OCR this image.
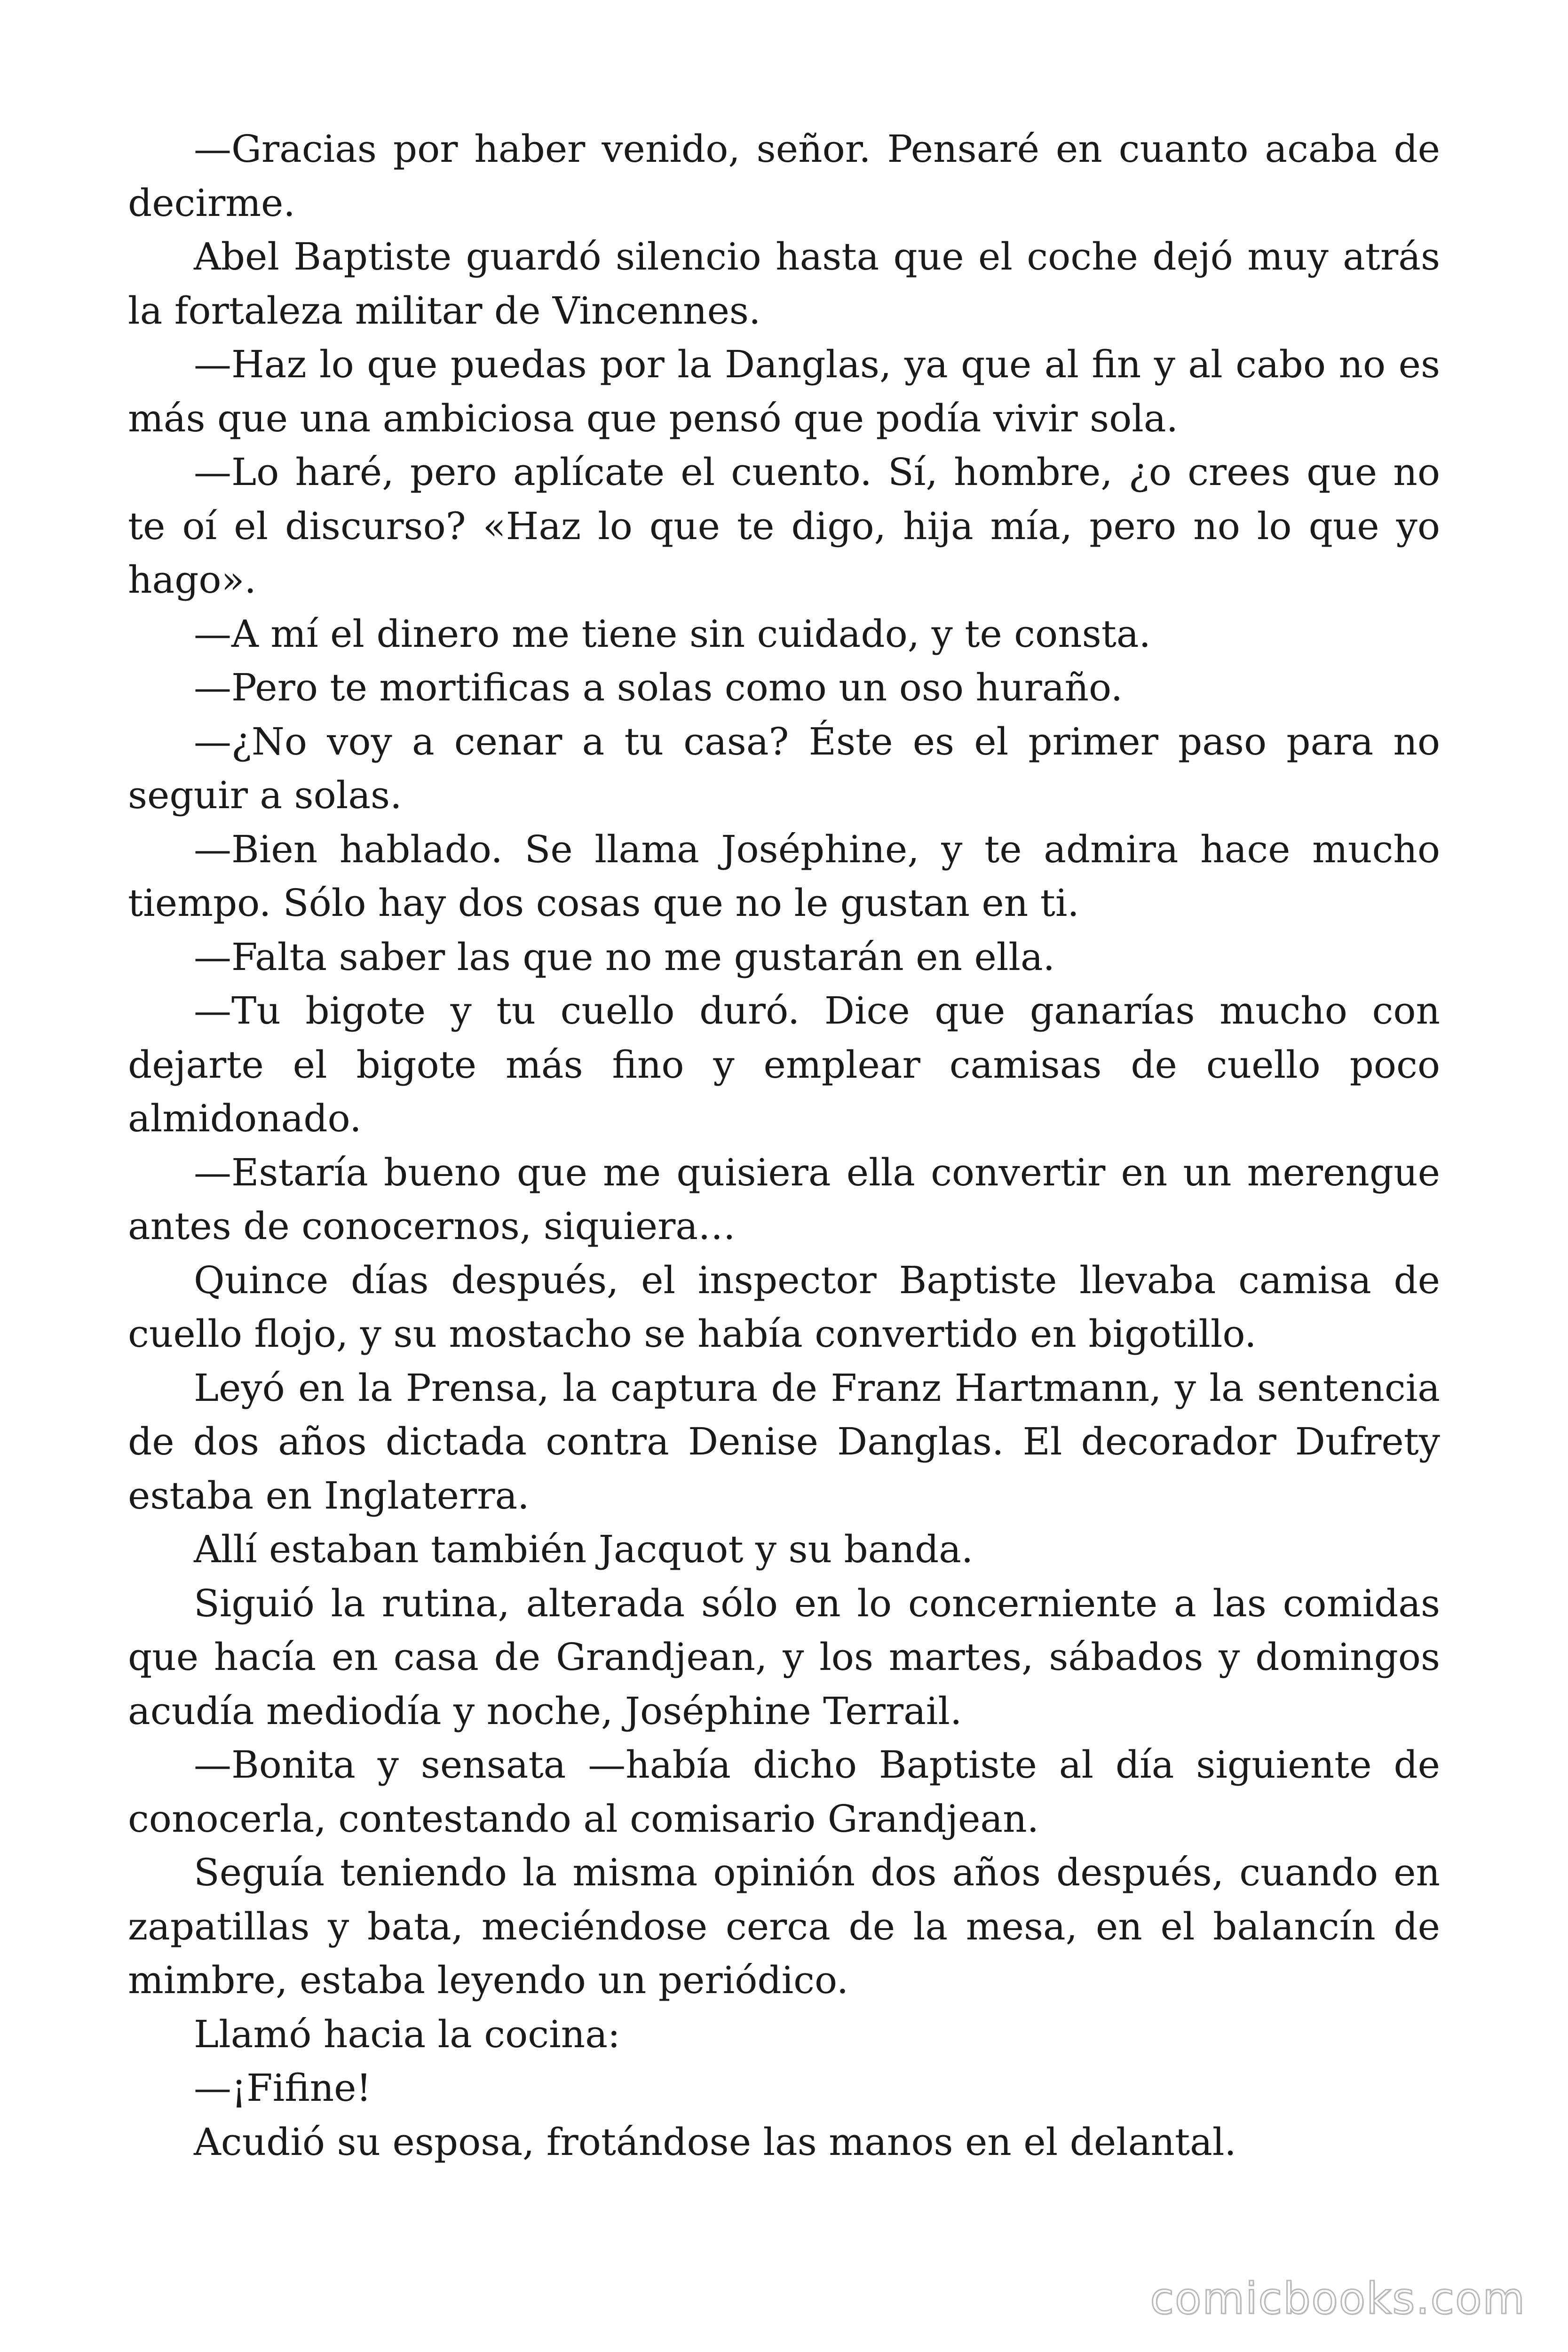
—Gracias por haber venido, señor. Pensaré en cuanto acaba de decirme.

Abel Baptiste guardó silencio hasta que el coche dejó muy atrás la fortaleza militar de Vincennes.

—Haz lo que puedas por la Danglas, ya que al fin y al cabo no es más que una ambiciosa que pensó que podía vivir sola.

—Lo haré, pero aplícate el cuento. Sí, hombre, ¿o crees que no te oí el discurso? «Haz lo que te digo, hija mía, pero no lo que yo hago».

—A mí el dinero me tiene sin cuidado, y te consta.

—Pero te mortificas a solas como un oso huraño.

—¿No voy a cenar a tu casa? Éste es el primer paso para no seguir a solas.

—Bien hablado. Se llama Joséphine, y te admira hace mucho tiempo. Sólo hay dos cosas que no le gustan en ti.

—Falta saber las que no me gustarán en ella.

—Tu bigote y tu cuello duró. Dice que ganarías mucho con dejarte el bigote más fino y emplear camisas de cuello poco almidonado.

—Estaría bueno que me quisiera ella convertir en un merengue antes de conocernos, siquiera…

Quince días después, el inspector Baptiste llevaba camisa de cuello flojo, y su mostacho se había convertido en bigotillo.

Leyó en la Prensa, la captura de Franz Hartmann, y la sentencia de dos años dictada contra Denise Danglas. El decorador Dufrety estaba en Inglaterra.

Allí estaban también Jacquot y su banda.

Siguió la rutina, alterada sólo en lo concerniente a las comidas que hacía en casa de Grandjean, y los martes, sábados y domingos acudía mediodía y noche, Joséphine Terrail.

—Bonita y sensata —había dicho Baptiste al día siguiente de conocerla, contestando al comisario Grandjean.

Seguía teniendo la misma opinión dos años después, cuando en zapatillas y bata, meciéndose cerca de la mesa, en el balancín de mimbre, estaba leyendo un periódico.

Llamó hacia la cocina:

—¡Fifine!

Acudió su esposa, frotándose las manos en el delantal.

comicbooks.com
